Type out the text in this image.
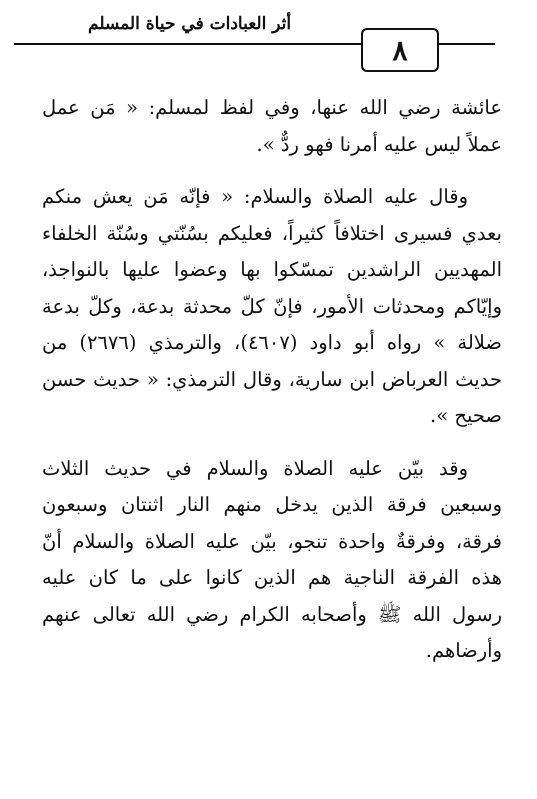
أثر العبادات في حياة المسلم
٨

عائشة رضي الله عنها، وفي لفظ لمسلم: « مَن عمل عملاً ليس عليه أمرنا فهو ردٌّ ».

وقال عليه الصلاة والسلام: « فإنّه مَن يعش منكم بعدي فسيرى اختلافاً كثيراً، فعليكم بسُنّتي وسُنّة الخلفاء المهديين الراشدين تمسّكوا بها وعضوا عليها بالنواجذ، وإيّاكم ومحدثات الأمور، فإنّ كلّ محدثة بدعة، وكلّ بدعة ضلالة » رواه أبو داود (٤٦٠٧)، والترمذي (٢٦٧٦) من حديث العرباض ابن سارية، وقال الترمذي: « حديث حسن صحيح ».

وقد بيّن عليه الصلاة والسلام في حديث الثلاث وسبعين فرقة الذين يدخل منهم النار اثنتان وسبعون فرقة، وفرقةٌ واحدة تنجو، بيّن عليه الصلاة والسلام أنّ هذه الفرقة الناجية هم الذين كانوا على ما كان عليه رسول الله ﷺ وأصحابه الكرام رضي الله تعالى عنهم وأرضاهم.
